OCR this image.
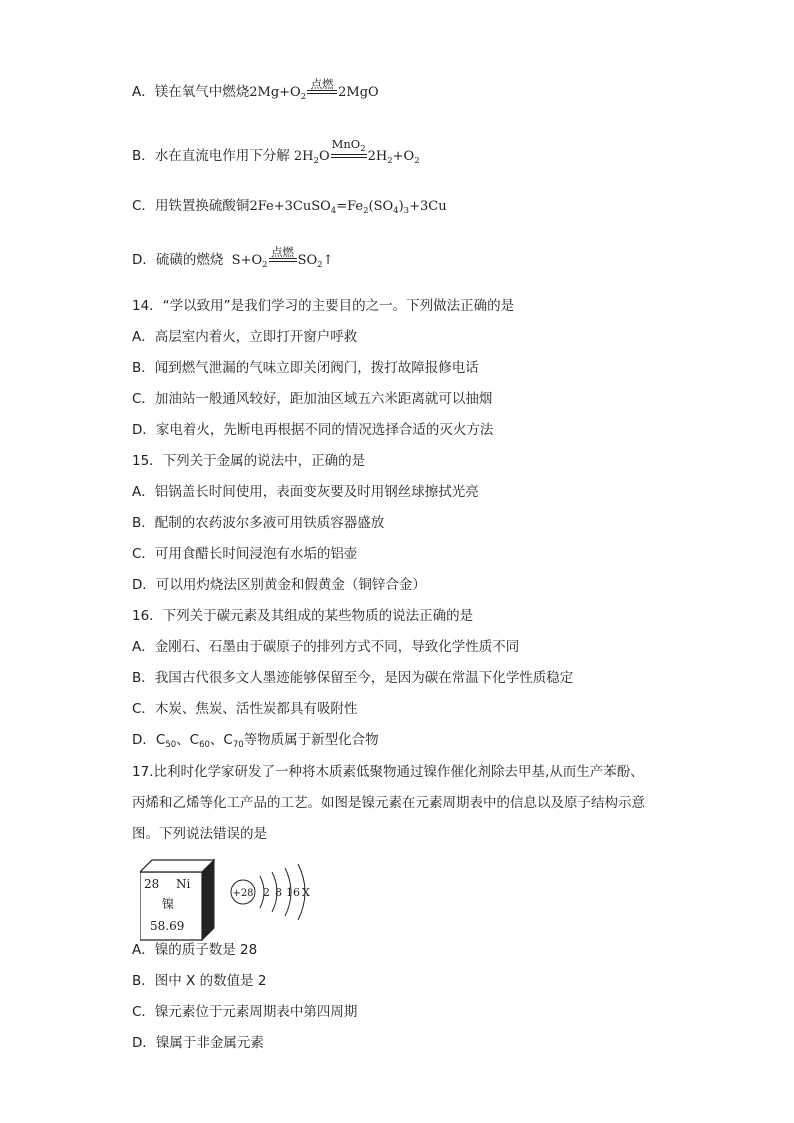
A．镁在氧气中燃烧$2Mg+O_2$
点燃
2MgO
B．水在直流电作用下分解 $2H_2O$
MnO$_2$ $2H_2+O_2$
C．用铁置换硫酸铜$2Fe+3CuSO_4=Fe_2(SO_4)_3+3Cu$
D．硫磺的燃烧 $S+O_2$
点燃
$SO_2↑$
14．“学以致用”是我们学习的主要目的之一。下列做法正确的是
A．高层室内着火，立即打开窗户呼救
B．闻到燃气泄漏的气味立即关闭阀门，拨打故障报修电话
C．加油站一般通风较好，距加油区域五六米距离就可以抽烟
D．家电着火，先断电再根据不同的情况选择合适的灭火方法
15．下列关于金属的说法中，正确的是
A．铝锅盖长时间使用，表面变灰要及时用钢丝球擦拭光亮
B．配制的农药波尔多液可用铁质容器盛放
C．可用食醋长时间浸泡有水垢的铝壶
D．可以用灼烧法区别黄金和假黄金（铜锌合金）
16．下列关于碳元素及其组成的某些物质的说法正确的是
A．金刚石、石墨由于碳原子的排列方式不同，导致化学性质不同
B．我国古代很多文人墨迹能够保留至今，是因为碳在常温下化学性质稳定
C．木炭、焦炭、活性炭都具有吸附性
D．$C_{50}$、$C_{60}$、$C_{70}$等物质属于新型化合物
17.比利时化学家研发了一种将木质素低聚物通过镍作催化剂除去甲基,从而生产苯酚、
丙烯和乙烯等化工产品的工艺。如图是镍元素在元素周期表中的信息以及原子结构示意
图。下列说法错误的是
28 Ni
镍
58.69
+28 2 8 16 X
A．镍的质子数是 28
B．图中 X 的数值是 2
C．镍元素位于元素周期表中第四周期
D．镍属于非金属元素
